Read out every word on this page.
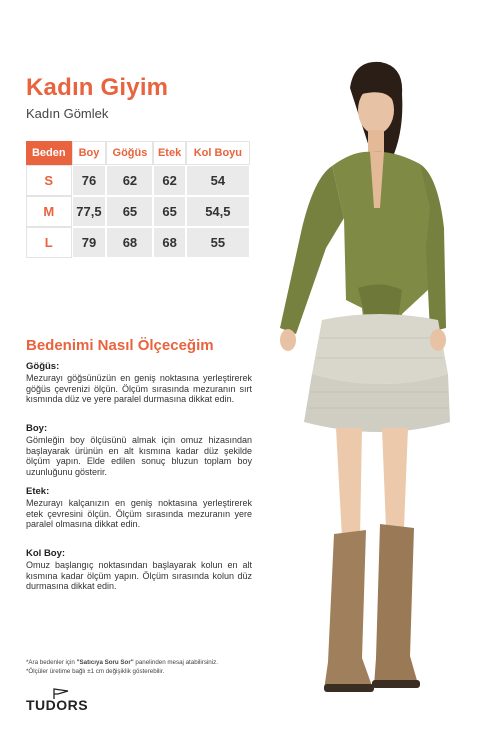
Kadın Giyim
Kadın Gömlek
Beden	Boy	Göğüs	Etek	Kol Boyu
S	76	62	62	54
M	77,5	65	65	54,5
L	79	68	68	55
Bedenimi Nasıl Ölçeceğim
Göğüs:
Mezurayı göğsünüzün en geniş noktasına yerleştirerek göğüs çevrenizi ölçün. Ölçüm sırasında mezuranın sırt kısmında düz ve yere paralel durmasına dikkat edin.
Boy:
Gömleğin boy ölçüsünü almak için omuz hizasından başlayarak ürünün en alt kısmına kadar düz şekilde ölçüm yapın. Elde edilen sonuç bluzun toplam boy uzunluğunu gösterir.
Etek:
Mezurayı kalçanızın en geniş noktasına yerleştirerek etek çevresini ölçün. Ölçüm sırasında mezuranın yere paralel olmasına dikkat edin.
Kol Boy:
Omuz başlangıç noktasından başlayarak kolun en alt kısmına kadar ölçüm yapın. Ölçüm sırasında kolun düz durmasına dikkat edin.
*Ara bedenler için "Satıcıya Soru Sor" panelinden mesaj atabilirsiniz.
*Ölçüler üretime bağlı ±1 cm değişiklik gösterebilir.
TUDORS
